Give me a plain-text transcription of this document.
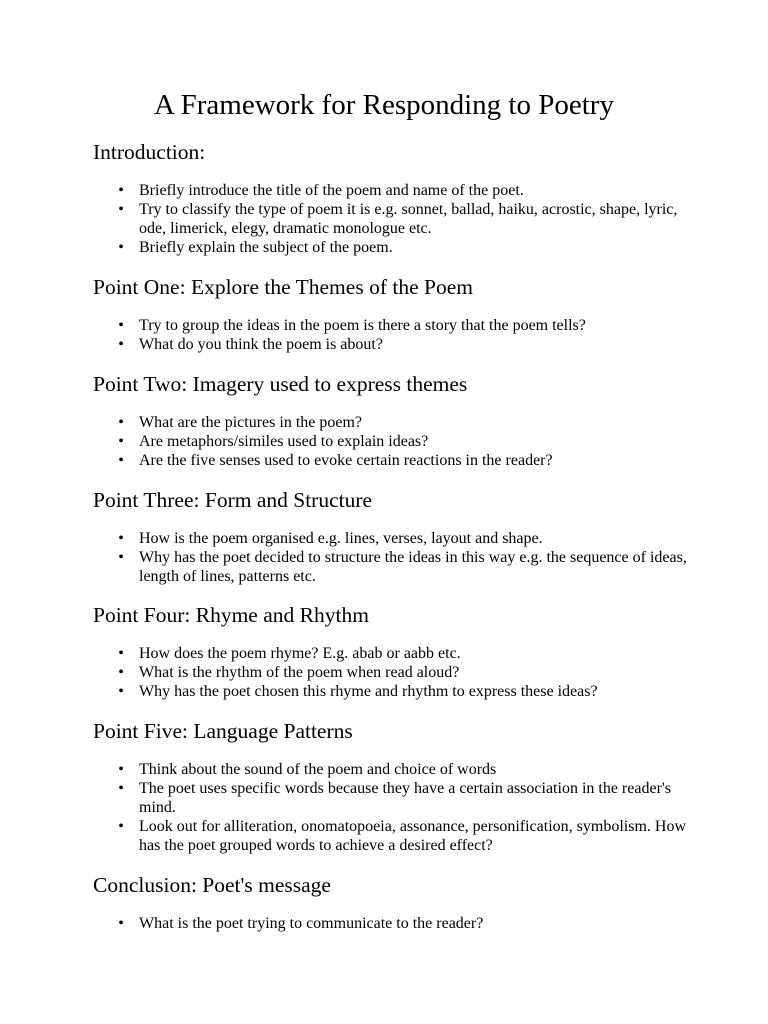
A Framework for Responding to Poetry
Introduction:
• Briefly introduce the title of the poem and name of the poet.
• Try to classify the type of poem it is e.g. sonnet, ballad, haiku, acrostic, shape, lyric, ode, limerick, elegy, dramatic monologue etc.
• Briefly explain the subject of the poem.
Point One: Explore the Themes of the Poem
• Try to group the ideas in the poem is there a story that the poem tells?
• What do you think the poem is about?
Point Two: Imagery used to express themes
• What are the pictures in the poem?
• Are metaphors/similes used to explain ideas?
• Are the five senses used to evoke certain reactions in the reader?
Point Three: Form and Structure
• How is the poem organised e.g. lines, verses, layout and shape.
• Why has the poet decided to structure the ideas in this way e.g. the sequence of ideas, length of lines, patterns etc.
Point Four: Rhyme and Rhythm
• How does the poem rhyme? E.g. abab or aabb etc.
• What is the rhythm of the poem when read aloud?
• Why has the poet chosen this rhyme and rhythm to express these ideas?
Point Five: Language Patterns
• Think about the sound of the poem and choice of words
• The poet uses specific words because they have a certain association in the reader's mind.
• Look out for alliteration, onomatopoeia, assonance, personification, symbolism. How has the poet grouped words to achieve a desired effect?
Conclusion: Poet's message
• What is the poet trying to communicate to the reader?
